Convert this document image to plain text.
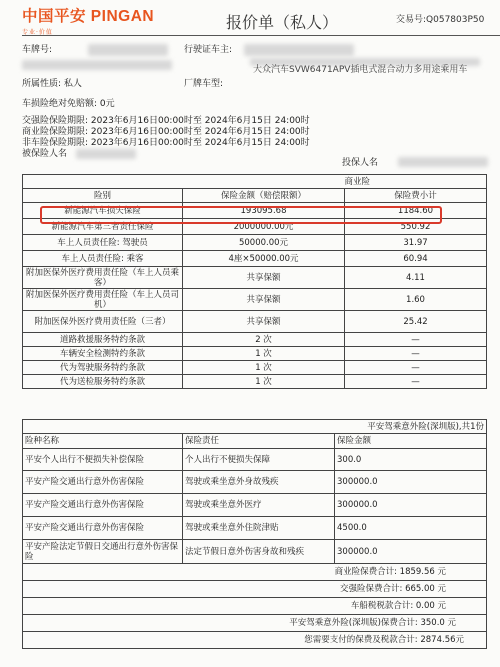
中国平安 PINGAN
专业·价值
报价单（私人）	交易号:Q057803P50
车牌号:	行驶证车主:
所属性质: 私人	厂牌车型:
大众汽车SVW6471APV插电式混合动力多用途乘用车
车损险绝对免赔额: 0元
交强险保险期限: 2023年6月16日00:00时至 2024年6月15日 24:00时
商业险保险期限: 2023年6月16日00:00时至 2024年6月15日 24:00时
非车险保险期限: 2023年6月16日00:00时至 2024年6月15日 24:00时
被保险人名
投保人名
		商业险
险别	保险金额（赔偿限额）	保险费小计
新能源汽车损失保险	193095.68	1184.60
新能源汽车第三者责任保险	2000000.00元	550.92
车上人员责任险: 驾驶员	50000.00元	31.97
车上人员责任险: 乘客	4座×50000.00元	60.94
附加医保外医疗费用责任险（车上人员乘客）	共享保额	4.11
附加医保外医疗费用责任险（车上人员司机）	共享保额	1.60
附加医保外医疗费用责任险（三者）	共享保额	25.42
道路救援服务特约条款	2 次	—
车辆安全检测特约条款	1 次	—
代为驾驶服务特约条款	1 次	—
代为送检服务特约条款	1 次	—
平安驾乘意外险(深圳版),共1份		
险种名称	保险责任	保险金额
平安个人出行不便损失补偿保险	个人出行不便损失保障	300.0
平安产险交通出行意外伤害保险	驾驶或乘坐意外身故残疾	300000.0
平安产险交通出行意外伤害保险	驾驶或乘坐意外医疗	300000.0
平安产险交通出行意外伤害保险	驾驶或乘坐意外住院津贴	4500.0
平安产险法定节假日交通出行意外伤害保险	法定节假日意外伤害身故和残疾	300000.0
商业险保费合计: 1859.56 元		
交强险保费合计: 665.00 元		
车船税税款合计: 0.00 元		
平安驾乘意外险(深圳版)保费合计: 350.0 元		
您需要支付的保费及税款合计: 2874.56元		
